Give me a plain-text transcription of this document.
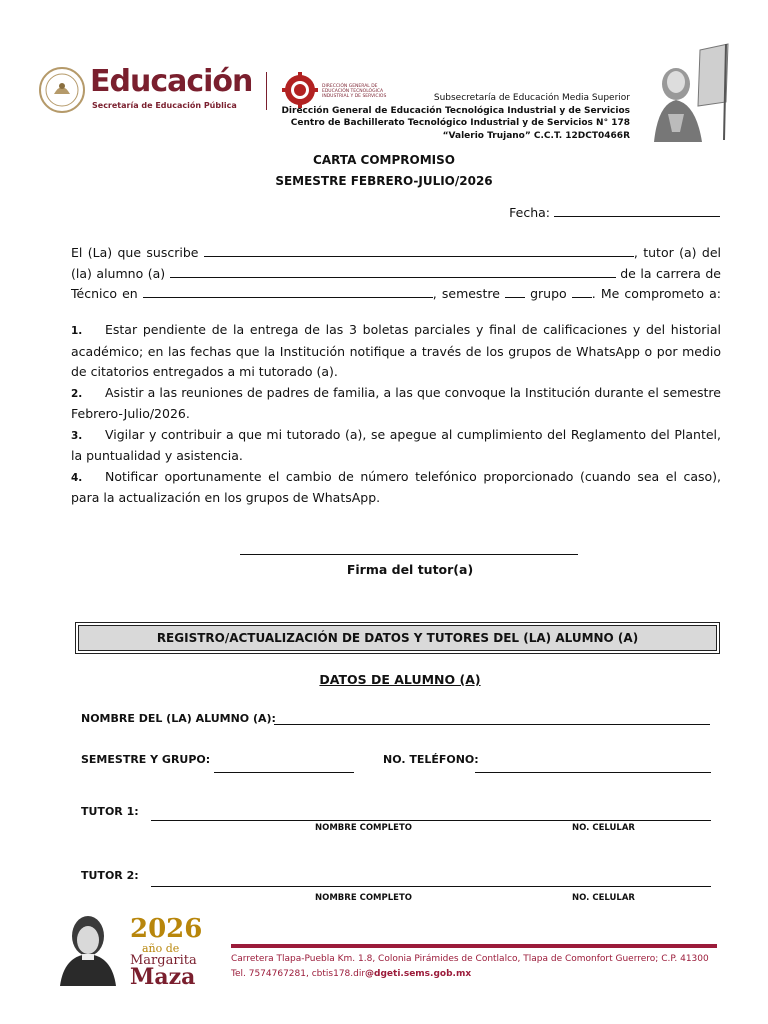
Educación
Secretaría de Educación Pública
DIRECCIÓN GENERAL DE EDUCACIÓN TECNOLÓGICA INDUSTRIAL Y DE SERVICIOS	Subsecretaría de Educación Media Superior
Dirección General de Educación Tecnológica Industrial y de Servicios
Centro de Bachillerato Tecnológico Industrial y de Servicios N° 178
“Valerio Trujano” C.C.T. 12DCT0466R
CARTA COMPROMISO
SEMESTRE FEBRERO-JULIO/2026
Fecha:
El (La) que suscribe	, tutor (a) del
(la) alumno (a)	de la carrera de
Técnico en	, semestre grupo . Me comprometo a:
1. Estar pendiente de la entrega de las 3 boletas parciales y final de calificaciones y del historial académico; en las fechas que la Institución notifique a través de los grupos de WhatsApp o por medio de citatorios entregados a mi tutorado (a).
2. Asistir a las reuniones de padres de familia, a las que convoque la Institución durante el semestre Febrero-Julio/2026.
3. Vigilar y contribuir a que mi tutorado (a), se apegue al cumplimiento del Reglamento del Plantel, la puntualidad y asistencia.
4. Notificar oportunamente el cambio de número telefónico proporcionado (cuando sea el caso), para la actualización en los grupos de WhatsApp.
Firma del tutor(a)
REGISTRO/ACTUALIZACIÓN DE DATOS Y TUTORES DEL (LA) ALUMNO (A)
DATOS DE ALUMNO (A)
NOMBRE DEL (LA) ALUMNO (A):
SEMESTRE Y GRUPO:	NO. TELÉFONO:
TUTOR 1:
NOMBRE COMPLETO	NO. CELULAR
TUTOR 2:
NOMBRE COMPLETO	NO. CELULAR
2026
año de
Margarita
Maza
Carretera Tlapa-Puebla Km. 1.8, Colonia Pirámides de Contlalco, Tlapa de Comonfort Guerrero; C.P. 41300
Tel. 7574767281, cbtis178.dir@dgeti.sems.gob.mx
